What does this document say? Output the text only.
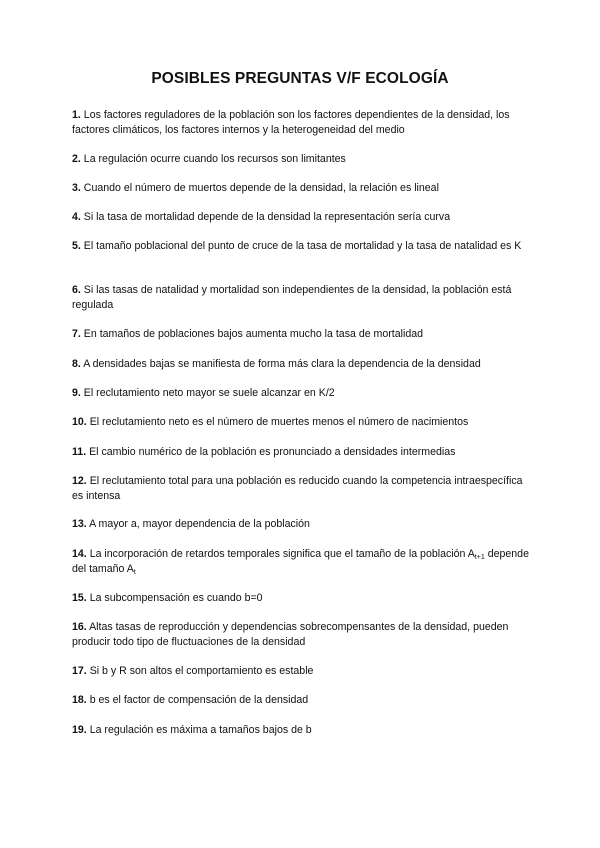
POSIBLES PREGUNTAS V/F ECOLOGÍA
1. Los factores reguladores de la población son los factores dependientes de la densidad, los factores climáticos, los factores internos y la heterogeneidad del medio
2. La regulación ocurre cuando los recursos son limitantes
3. Cuando el número de muertos depende de la densidad, la relación es lineal
4. Si la tasa de mortalidad depende de la densidad la representación sería curva
5. El tamaño poblacional del punto de cruce de la tasa de mortalidad y la tasa de natalidad es K
6. Si las tasas de natalidad y mortalidad son independientes de la densidad, la población está regulada
7. En tamaños de poblaciones bajos aumenta mucho la tasa de mortalidad
8. A densidades bajas se manifiesta de forma más clara la dependencia de la densidad
9. El reclutamiento neto mayor se suele alcanzar en K/2
10. El reclutamiento neto es el número de muertes menos el número de nacimientos
11. El cambio numérico de la población es pronunciado a densidades intermedias
12. El reclutamiento total para una población es reducido cuando la competencia intraespecífica es intensa
13. A mayor a, mayor dependencia de la población
14. La incorporación de retardos temporales significa que el tamaño de la población $A_{t+1}$ depende del tamaño $A_t$
15. La subcompensación es cuando b=0
16. Altas tasas de reproducción y dependencias sobrecompensantes de la densidad, pueden producir todo tipo de fluctuaciones de la densidad
17. Si b y R son altos el comportamiento es estable
18. b es el factor de compensación de la densidad
19. La regulación es máxima a tamaños bajos de b
